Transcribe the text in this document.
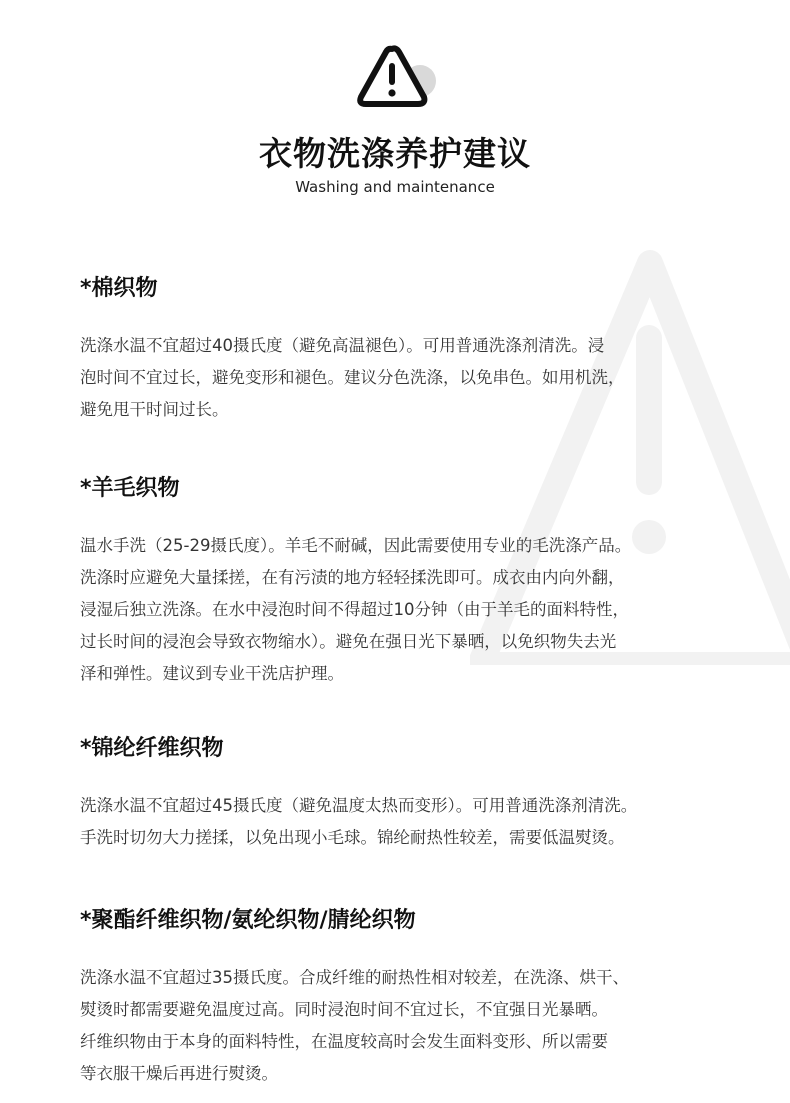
衣物洗涤养护建议
Washing and maintenance
*棉织物

洗涤水温不宜超过40摄氏度（避免高温褪色）。可用普通洗涤剂清洗。浸
泡时间不宜过长，避免变形和褪色。建议分色洗涤，以免串色。如用机洗，
避免甩干时间过长。

*羊毛织物

温水手洗（25-29摄氏度）。羊毛不耐碱，因此需要使用专业的毛洗涤产品。
洗涤时应避免大量揉搓，在有污渍的地方轻轻揉洗即可。成衣由内向外翻，
浸湿后独立洗涤。在水中浸泡时间不得超过10分钟（由于羊毛的面料特性，
过长时间的浸泡会导致衣物缩水）。避免在强日光下暴晒，以免织物失去光
泽和弹性。建议到专业干洗店护理。

*锦纶纤维织物

洗涤水温不宜超过45摄氏度（避免温度太热而变形）。可用普通洗涤剂清洗。
手洗时切勿大力搓揉，以免出现小毛球。锦纶耐热性较差，需要低温熨烫。

*聚酯纤维织物/氨纶织物/腈纶织物

洗涤水温不宜超过35摄氏度。合成纤维的耐热性相对较差，在洗涤、烘干、
熨烫时都需要避免温度过高。同时浸泡时间不宜过长，不宜强日光暴晒。
纤维织物由于本身的面料特性，在温度较高时会发生面料变形、所以需要
等衣服干燥后再进行熨烫。
